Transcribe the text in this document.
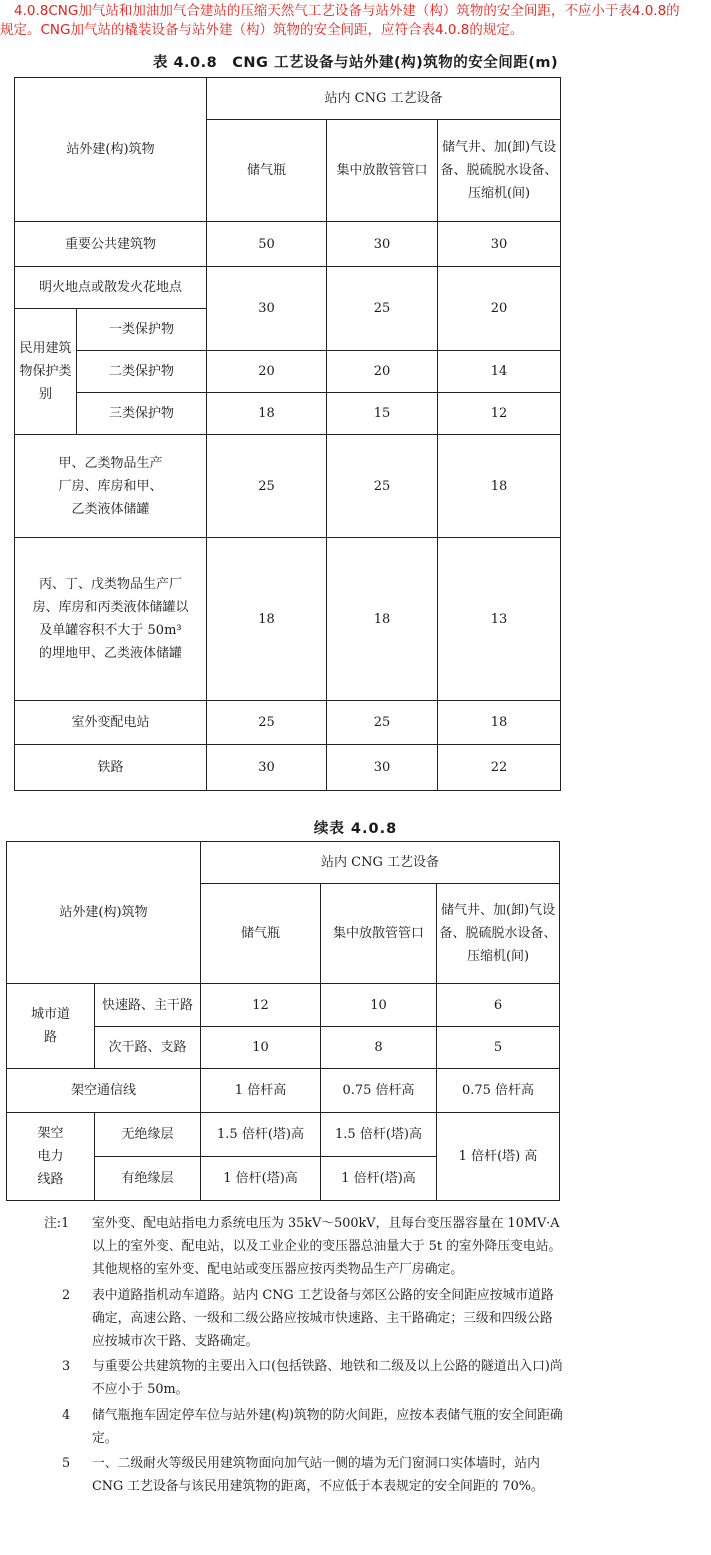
4.0.8CNG加气站和加油加气合建站的压缩天然气工艺设备与站外建（构）筑物的安全间距，不应小于表4.0.8的
规定。CNG加气站的橇装设备与站外建（构）筑物的安全间距，应符合表4.0.8的规定。
表 4.0.8　CNG 工艺设备与站外建(构)筑物的安全间距(m)
站外建(构)筑物		站内 CNG 工艺设备		
		储气瓶	集中放散管管口	储气井、加(卸)气设备、脱硫脱水设备、压缩机(间)
重要公共建筑物		50	30	30
明火地点或散发火花地点		30	25	20
民用建筑物保护类别	一类保护物			
	二类保护物	20	20	14
	三类保护物	18	15	12
甲、乙类物品生产厂房、库房和甲、乙类液体储罐		25	25	18
丙、丁、戊类物品生产厂房、库房和丙类液体储罐以及单罐容积不大于 50m³ 的埋地甲、乙类液体储罐		18	18	13
室外变配电站		25	25	18
铁路		30	30	22
续表 4.0.8
站外建(构)筑物		站内 CNG 工艺设备		
		储气瓶	集中放散管管口	储气井、加(卸)气设备、脱硫脱水设备、压缩机(间)
城市道路	快速路、主干路	12	10	6
	次干路、支路	10	8	5
架空通信线		1 倍杆高	0.75 倍杆高	0.75 倍杆高
架空电力线路	无绝缘层	1.5 倍杆(塔)高	1.5 倍杆(塔)高	1 倍杆(塔) 高
	有绝缘层	1 倍杆(塔)高	1 倍杆(塔)高	
注:1 室外变、配电站指电力系统电压为 35kV～500kV，且每台变压器容量在 10MV·A 以上的室外变、配电站，以及工业企业的变压器总油量大于 5t 的室外降压变电站。其他规格的室外变、配电站或变压器应按丙类物品生产厂房确定。
2 表中道路指机动车道路。站内 CNG 工艺设备与郊区公路的安全间距应按城市道路确定，高速公路、一级和二级公路应按城市快速路、主干路确定；三级和四级公路应按城市次干路、支路确定。
3 与重要公共建筑物的主要出入口(包括铁路、地铁和二级及以上公路的隧道出入口)尚不应小于 50m。
4 储气瓶拖车固定停车位与站外建(构)筑物的防火间距，应按本表储气瓶的安全间距确定。
5 一、二级耐火等级民用建筑物面向加气站一侧的墙为无门窗洞口实体墙时，站内 CNG 工艺设备与该民用建筑物的距离，不应低于本表规定的安全间距的 70%。
